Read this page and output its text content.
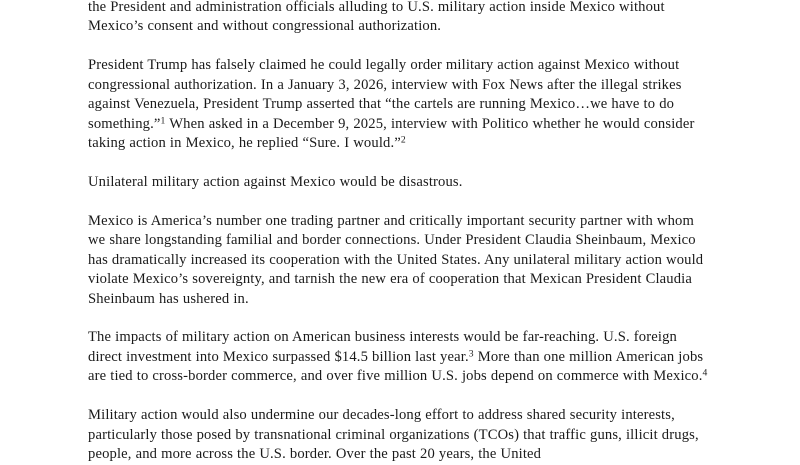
the President and administration officials alluding to U.S. military action inside Mexico without Mexico’s consent and without congressional authorization.

President Trump has falsely claimed he could legally order military action against Mexico without congressional authorization. In a January 3, 2026, interview with Fox News after the illegal strikes against Venezuela, President Trump asserted that “the cartels are running Mexico…we have to do something.”$^1$ When asked in a December 9, 2025, interview with Politico whether he would consider taking action in Mexico, he replied “Sure. I would.”$^2$

Unilateral military action against Mexico would be disastrous.

Mexico is America’s number one trading partner and critically important security partner with whom we share longstanding familial and border connections. Under President Claudia Sheinbaum, Mexico has dramatically increased its cooperation with the United States. Any unilateral military action would violate Mexico’s sovereignty, and tarnish the new era of cooperation that Mexican President Claudia Sheinbaum has ushered in.

The impacts of military action on American business interests would be far-reaching. U.S. foreign direct investment into Mexico surpassed $14.5 billion last year.$^3$ More than one million American jobs are tied to cross-border commerce, and over five million U.S. jobs depend on commerce with Mexico.$^4$

Military action would also undermine our decades-long effort to address shared security interests, particularly those posed by transnational criminal organizations (TCOs) that traffic guns, illicit drugs, people, and more across the U.S. border. Over the past 20 years, the United
